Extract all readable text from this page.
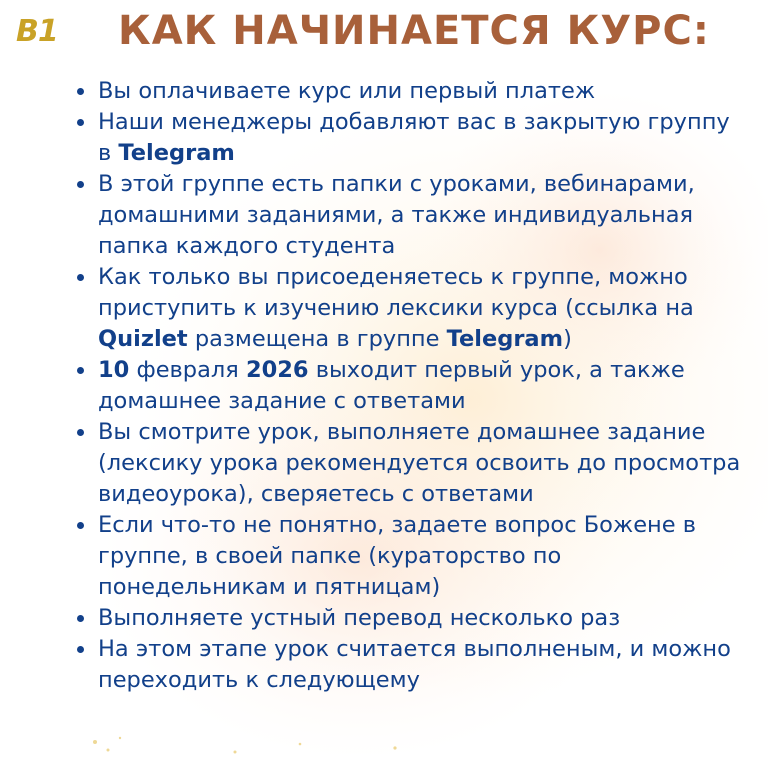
B1 КАК НАЧИНАЕТСЯ КУРС:
Вы оплачиваете курс или первый платеж
Наши менеджеры добавляют вас в закрытую группу в Telegram
В этой группе есть папки с уроками, вебинарами, домашними заданиями, а также индивидуальная папка каждого студента
Как только вы присоеденяетесь к группе, можно приступить к изучению лексики курса (ссылка на Quizlet размещена в группе Telegram)
10 февраля 2026 выходит первый урок, а также домашнее задание с ответами
Вы смотрите урок, выполняете домашнее задание (лексику урока рекомендуется освоить до просмотра видеоурока), сверяетесь с ответами
Если что-то не понятно, задаете вопрос Божене в группе, в своей папке (кураторство по понедельникам и пятницам)
Выполняете устный перевод несколько раз
На этом этапе урок считается выполненым, и можно переходить к следующему
